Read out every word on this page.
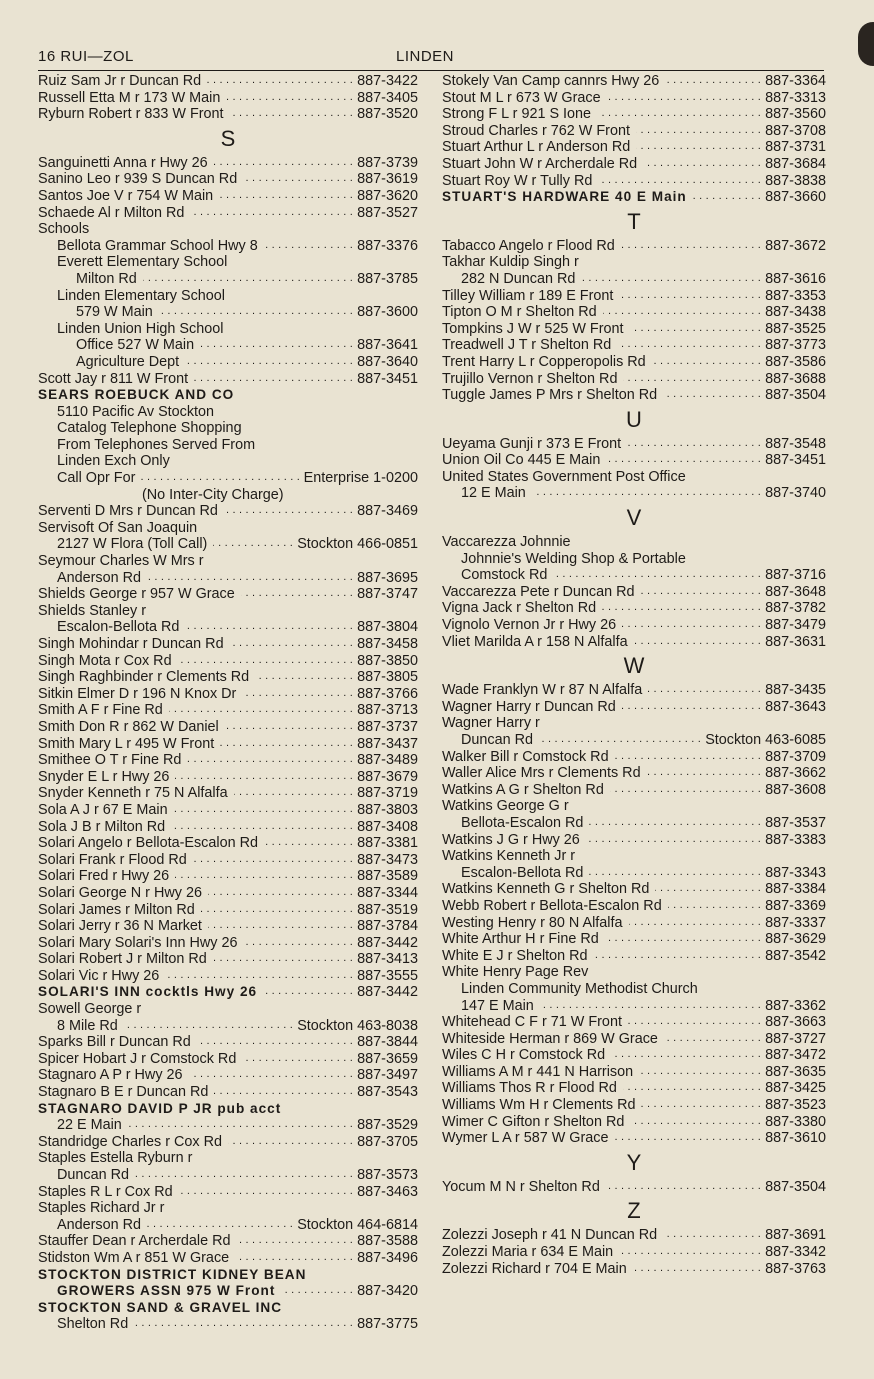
16 RUI—ZOL	LINDEN
Ruiz Sam Jr r Duncan Rd . . .	887-3422
Russell Etta M r 173 W Main . . .	887-3405
Ryburn Robert r 833 W Front . . .	887-3520
S
Sanguinetti Anna r Hwy 26 . . .	887-3739
Sanino Leo r 939 S Duncan Rd . . .	887-3619
Santos Joe V r 754 W Main . . .	887-3620
Schaede Al r Milton Rd . . .	887-3527
Schools
Bellota Grammar School Hwy 8 . . .	887-3376
Everett Elementary School
Milton Rd . . .	887-3785
Linden Elementary School
579 W Main . . .	887-3600
Linden Union High School
Office 527 W Main . . .	887-3641
Agriculture Dept . . .	887-3640
Scott Jay r 811 W Front . . .	887-3451
SEARS ROEBUCK AND CO
5110 Pacific Av Stockton
Catalog Telephone Shopping
From Telephones Served From
Linden Exch Only
Call Opr For . . .	Enterprise 1-0200
(No Inter-City Charge)
Serventi D Mrs r Duncan Rd . . .	887-3469
Servisoft Of San Joaquin
2127 W Flora (Toll Call) . . .	Stockton 466-0851
Seymour Charles W Mrs r
Anderson Rd . . .	887-3695
Shields George r 957 W Grace . . .	887-3747
Shields Stanley r
Escalon-Bellota Rd . . .	887-3804
Singh Mohindar r Duncan Rd . . .	887-3458
Singh Mota r Cox Rd . . .	887-3850
Singh Raghbinder r Clements Rd . . .	887-3805
Sitkin Elmer D r 196 N Knox Dr . . .	887-3766
Smith A F r Fine Rd . . .	887-3713
Smith Don R r 862 W Daniel . . .	887-3737
Smith Mary L r 495 W Front . . .	887-3437
Smithee O T r Fine Rd . . .	887-3489
Snyder E L r Hwy 26 . . .	887-3679
Snyder Kenneth r 75 N Alfalfa . . .	887-3719
Sola A J r 67 E Main . . .	887-3803
Sola J B r Milton Rd . . .	887-3408
Solari Angelo r Bellota-Escalon Rd . . .	887-3381
Solari Frank r Flood Rd . . .	887-3473
Solari Fred r Hwy 26 . . .	887-3589
Solari George N r Hwy 26 . . .	887-3344
Solari James r Milton Rd . . .	887-3519
Solari Jerry r 36 N Market . . .	887-3784
Solari Mary Solari's Inn Hwy 26 . . .	887-3442
Solari Robert J r Milton Rd . . .	887-3413
Solari Vic r Hwy 26 . . .	887-3555
SOLARI'S INN cocktls Hwy 26 . . .	887-3442
Sowell George r
8 Mile Rd . . .	Stockton 463-8038
Sparks Bill r Duncan Rd . . .	887-3844
Spicer Hobart J r Comstock Rd . . .	887-3659
Stagnaro A P r Hwy 26 . . .	887-3497
Stagnaro B E r Duncan Rd . . .	887-3543
STAGNARO DAVID P JR pub acct
22 E Main . . .	887-3529
Standridge Charles r Cox Rd . . .	887-3705
Staples Estella Ryburn r
Duncan Rd . . .	887-3573
Staples R L r Cox Rd . . .	887-3463
Staples Richard Jr r
Anderson Rd . . .	Stockton 464-6814
Stauffer Dean r Archerdale Rd . . .	887-3588
Stidston Wm A r 851 W Grace . . .	887-3496
STOCKTON DISTRICT KIDNEY BEAN
GROWERS ASSN 975 W Front . . .	887-3420
STOCKTON SAND & GRAVEL INC
Shelton Rd . . .	887-3775
Stokely Van Camp cannrs Hwy 26 . . .	887-3364
Stout M L r 673 W Grace . . .	887-3313
Strong F L r 921 S Ione . . .	887-3560
Stroud Charles r 762 W Front . . .	887-3708
Stuart Arthur L r Anderson Rd . . .	887-3731
Stuart John W r Archerdale Rd . . .	887-3684
Stuart Roy W r Tully Rd . . .	887-3838
STUART'S HARDWARE 40 E Main . . .	887-3660
T
Tabacco Angelo r Flood Rd . . .	887-3672
Takhar Kuldip Singh r
282 N Duncan Rd . . .	887-3616
Tilley William r 189 E Front . . .	887-3353
Tipton O M r Shelton Rd . . .	887-3438
Tompkins J W r 525 W Front . . .	887-3525
Treadwell J T r Shelton Rd . . .	887-3773
Trent Harry L r Copperopolis Rd . . .	887-3586
Trujillo Vernon r Shelton Rd . . .	887-3688
Tuggle James P Mrs r Shelton Rd . . .	887-3504
U
Ueyama Gunji r 373 E Front . . .	887-3548
Union Oil Co 445 E Main . . .	887-3451
United States Government Post Office
12 E Main . . .	887-3740
V
Vaccarezza Johnnie
Johnnie's Welding Shop & Portable
Comstock Rd . . .	887-3716
Vaccarezza Pete r Duncan Rd . . .	887-3648
Vigna Jack r Shelton Rd . . .	887-3782
Vignolo Vernon Jr r Hwy 26 . . .	887-3479
Vliet Marilda A r 158 N Alfalfa . . .	887-3631
W
Wade Franklyn W r 87 N Alfalfa . . .	887-3435
Wagner Harry r Duncan Rd . . .	887-3643
Wagner Harry r
Duncan Rd . . .	Stockton 463-6085
Walker Bill r Comstock Rd . . .	887-3709
Waller Alice Mrs r Clements Rd . . .	887-3662
Watkins A G r Shelton Rd . . .	887-3608
Watkins George G r
Bellota-Escalon Rd . . .	887-3537
Watkins J G r Hwy 26 . . .	887-3383
Watkins Kenneth Jr r
Escalon-Bellota Rd . . .	887-3343
Watkins Kenneth G r Shelton Rd . . .	887-3384
Webb Robert r Bellota-Escalon Rd . . .	887-3369
Westing Henry r 80 N Alfalfa . . .	887-3337
White Arthur H r Fine Rd . . .	887-3629
White E J r Shelton Rd . . .	887-3542
White Henry Page Rev
Linden Community Methodist Church
147 E Main . . .	887-3362
Whitehead C F r 71 W Front . . .	887-3663
Whiteside Herman r 869 W Grace . . .	887-3727
Wiles C H r Comstock Rd . . .	887-3472
Williams A M r 441 N Harrison . . .	887-3635
Williams Thos R r Flood Rd . . .	887-3425
Williams Wm H r Clements Rd . . .	887-3523
Wimer C Gifton r Shelton Rd . . .	887-3380
Wymer L A r 587 W Grace . . .	887-3610
Y
Yocum M N r Shelton Rd . . .	887-3504
Z
Zolezzi Joseph r 41 N Duncan Rd . . .	887-3691
Zolezzi Maria r 634 E Main . . .	887-3342
Zolezzi Richard r 704 E Main . . .	887-3763
